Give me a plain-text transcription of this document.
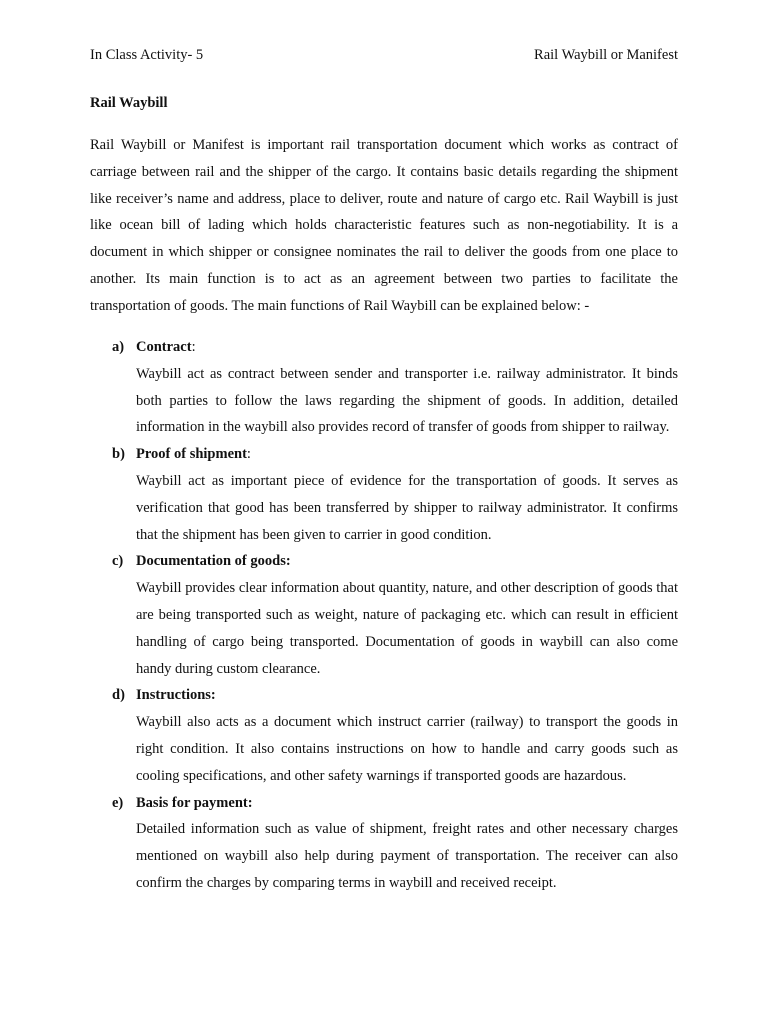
In Class Activity- 5	Rail Waybill or Manifest
Rail Waybill

Rail Waybill or Manifest is important rail transportation document which works as contract of carriage between rail and the shipper of the cargo. It contains basic details regarding the shipment like receiver’s name and address, place to deliver, route and nature of cargo etc. Rail Waybill is just like ocean bill of lading which holds characteristic features such as non-negotiability. It is a document in which shipper or consignee nominates the rail to deliver the goods from one place to another. Its main function is to act as an agreement between two parties to facilitate the transportation of goods. The main functions of Rail Waybill can be explained below: -

a) Contract:

Waybill act as contract between sender and transporter i.e. railway administrator. It binds both parties to follow the laws regarding the shipment of goods. In addition, detailed information in the waybill also provides record of transfer of goods from shipper to railway.

b) Proof of shipment:

Waybill act as important piece of evidence for the transportation of goods. It serves as verification that good has been transferred by shipper to railway administrator. It confirms that the shipment has been given to carrier in good condition.

c) Documentation of goods:

Waybill provides clear information about quantity, nature, and other description of goods that are being transported such as weight, nature of packaging etc. which can result in efficient handling of cargo being transported. Documentation of goods in waybill can also come handy during custom clearance.

d) Instructions:

Waybill also acts as a document which instruct carrier (railway) to transport the goods in right condition. It also contains instructions on how to handle and carry goods such as cooling specifications, and other safety warnings if transported goods are hazardous.

e) Basis for payment:

Detailed information such as value of shipment, freight rates and other necessary charges mentioned on waybill also help during payment of transportation. The receiver can also confirm the charges by comparing terms in waybill and received receipt.
